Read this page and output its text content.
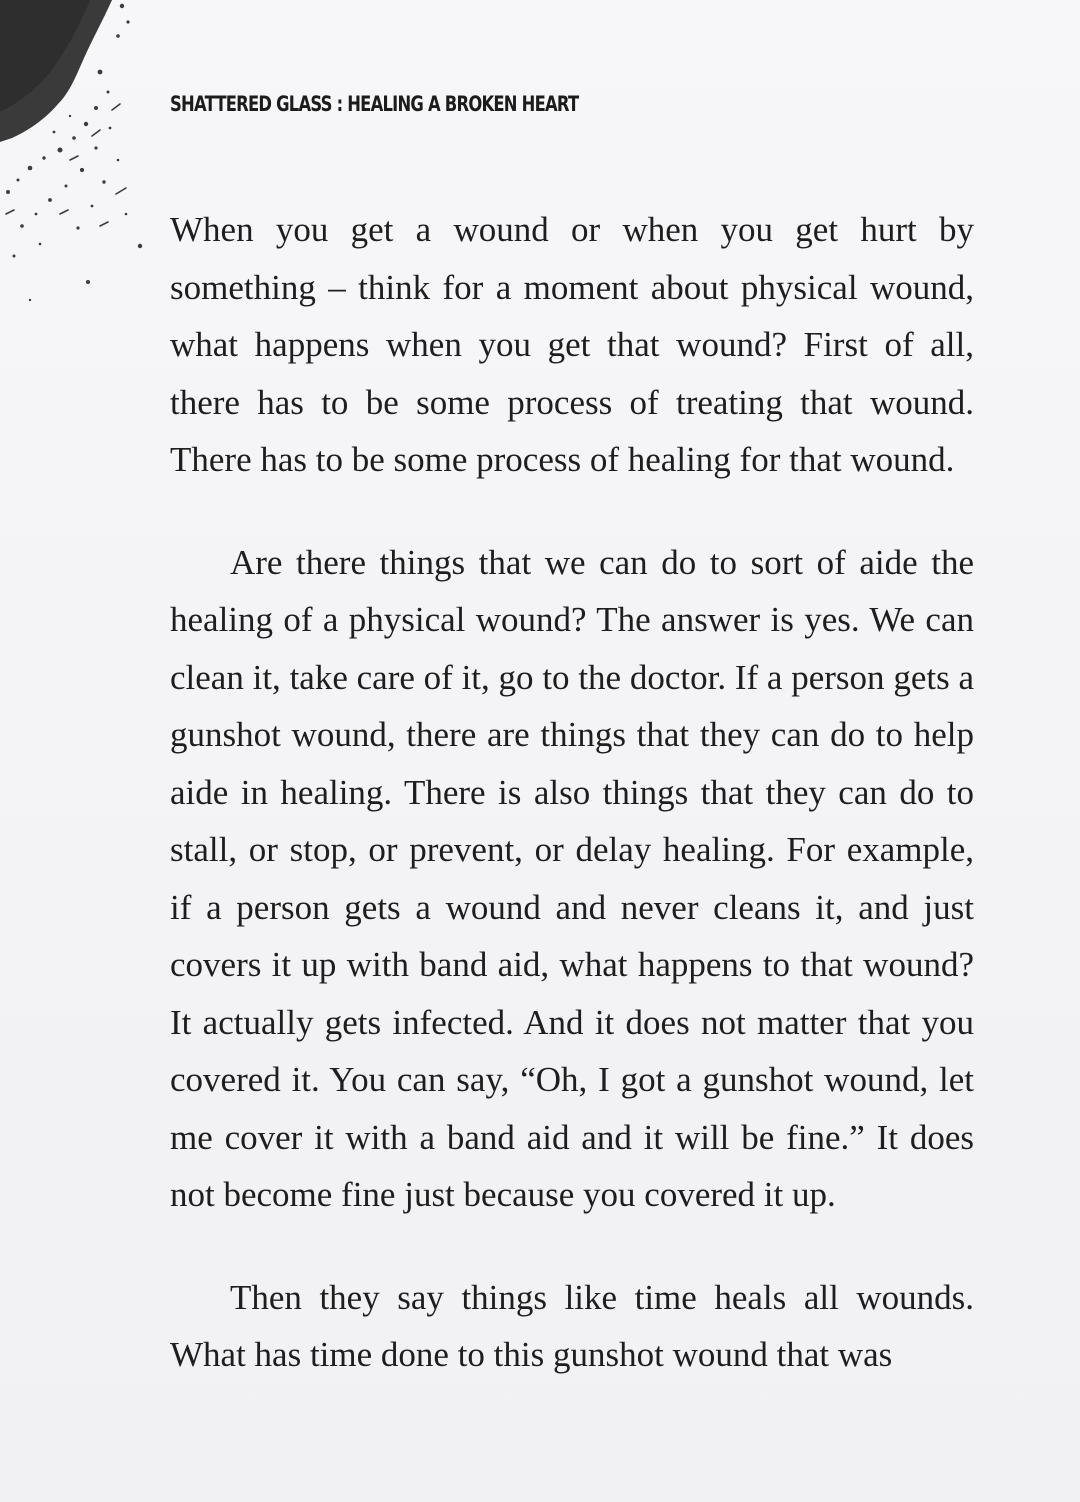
SHATTERED GLASS : HEALING A BROKEN HEART

When you get a wound or when you get hurt by something – think for a moment about physical wound, what happens when you get that wound? First of all, there has to be some process of treating that wound. There has to be some process of healing for that wound.

Are there things that we can do to sort of aide the healing of a physical wound? The answer is yes. We can clean it, take care of it, go to the doctor. If a person gets a gunshot wound, there are things that they can do to help aide in healing. There is also things that they can do to stall, or stop, or prevent, or delay healing. For example, if a person gets a wound and never cleans it, and just covers it up with band aid, what happens to that wound? It actually gets infected. And it does not matter that you covered it. You can say, “Oh, I got a gunshot wound, let me cover it with a band aid and it will be fine.” It does not become fine just because you covered it up.

Then they say things like time heals all wounds. What has time done to this gunshot wound that was
